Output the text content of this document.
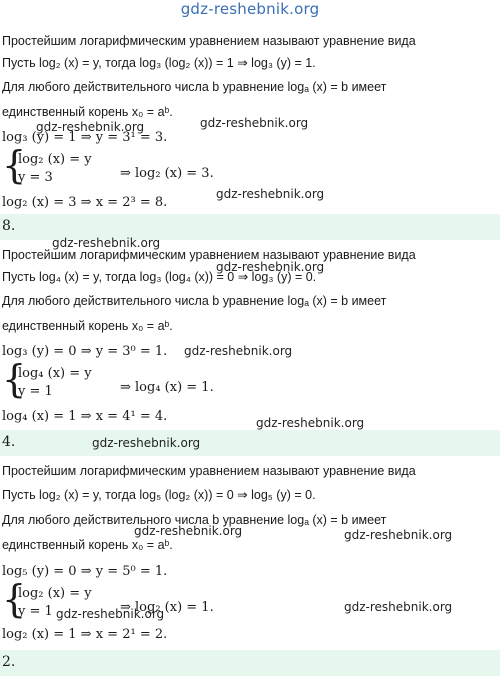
gdz-reshebnik.org
Простейшим логарифмическим уравнением называют уравнение вида
Пусть log₂ (x) = y, тогда log₃ (log₂ (x)) = 1 ⇒ log₃ (y) = 1.
Для любого действительного числа b уравнение logₐ (x) = b имеет
единственный корень x₀ = aᵇ.
log₃ (y) = 1 ⇒ y = 3¹ = 3.
{
log₂ (x) = y
y = 3	⇒ log₂ (x) = 3.
log₂ (x) = 3 ⇒ x = 2³ = 8.
8.
Простейшим логарифмическим уравнением называют уравнение вида
Пусть log₄ (x) = y, тогда log₃ (log₄ (x)) = 0 ⇒ log₃ (y) = 0.
Для любого действительного числа b уравнение logₐ (x) = b имеет
единственный корень x₀ = aᵇ.
log₃ (y) = 0 ⇒ y = 3⁰ = 1.
{
log₄ (x) = y
y = 1	⇒ log₄ (x) = 1.
log₄ (x) = 1 ⇒ x = 4¹ = 4.
4.
Простейшим логарифмическим уравнением называют уравнение вида
Пусть log₂ (x) = y, тогда log₅ (log₂ (x)) = 0 ⇒ log₅ (y) = 0.
Для любого действительного числа b уравнение logₐ (x) = b имеет
единственный корень x₀ = aᵇ.
log₅ (y) = 0 ⇒ y = 5⁰ = 1.
{
log₂ (x) = y
y = 1	⇒ log₂ (x) = 1.
log₂ (x) = 1 ⇒ x = 2¹ = 2.
2.
gdz-reshebnik.org	gdz-reshebnik.org
gdz-reshebnik.org
gdz-reshebnik.org
gdz-reshebnik.org
gdz-reshebnik.org
gdz-reshebnik.org
gdz-reshebnik.org
gdz-reshebnik.org	gdz-reshebnik.org
gdz-reshebnik.org	gdz-reshebnik.org
